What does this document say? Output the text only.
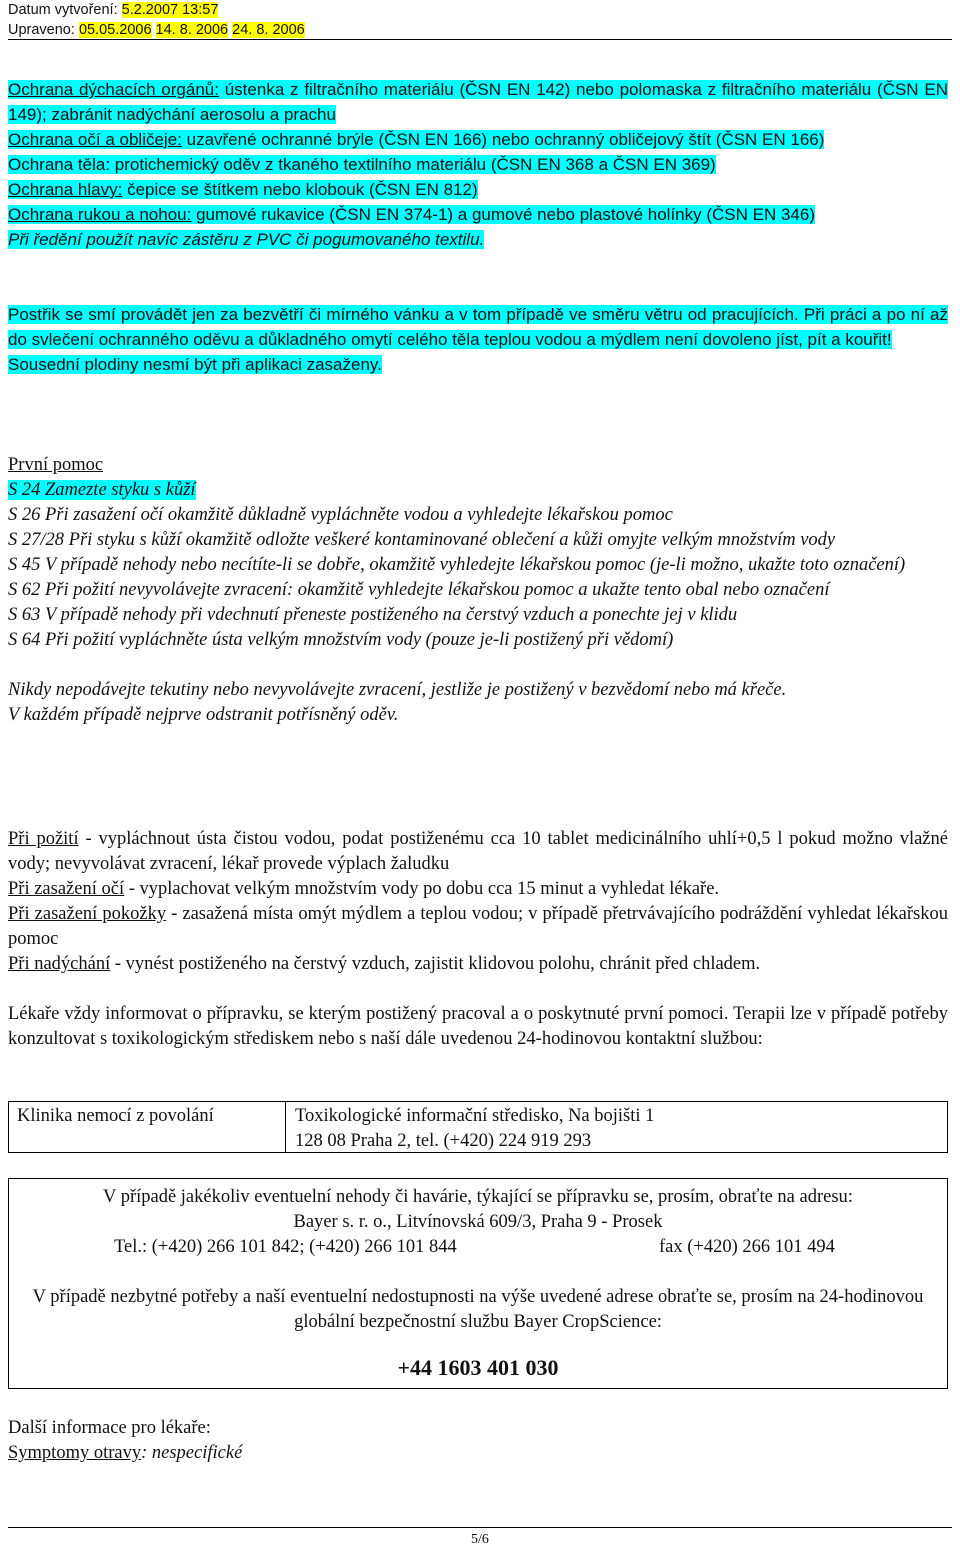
Datum vytvoření: 5.2.2007 13:57
Upraveno: 05.05.2006 14. 8. 2006 24. 8. 2006
Ochrana dýchacích orgánů: ústenka z filtračního materiálu (ČSN EN 142) nebo polomaska z filtračního materiálu (ČSN EN 149); zabránit nadýchání aerosolu a prachu
Ochrana očí a obličeje: uzavřené ochranné brýle (ČSN EN 166) nebo ochranný obličejový štít (ČSN EN 166)
Ochrana těla: protichemický oděv z tkaného textilního materiálu (ČSN EN 368 a ČSN EN 369)
Ochrana hlavy: čepice se štítkem nebo klobouk (ČSN EN 812)
Ochrana rukou a nohou: gumové rukavice (ČSN EN 374-1) a gumové nebo plastové holínky (ČSN EN 346)
Při ředění použít navíc zástěru z PVC či pogumovaného textilu.
Postřik se smí provádět jen za bezvětří či mírného vánku a v tom případě ve směru větru od pracujících. Při práci a po ní až do svlečení ochranného oděvu a důkladného omytí celého těla teplou vodou a mýdlem není dovoleno jíst, pít a kouřit!
Sousední plodiny nesmí být při aplikaci zasaženy.
První pomoc
S 24 Zamezte styku s kůží
S 26 Při zasažení očí okamžitě důkladně vypláchněte vodou a vyhledejte lékařskou pomoc
S 27/28 Při styku s kůží okamžitě odložte veškeré kontaminované oblečení a kůži omyjte velkým množstvím vody
S 45 V případě nehody nebo necítíte-li se dobře, okamžitě vyhledejte lékařskou pomoc (je-li možno, ukažte toto označení)
S 62 Při požití nevyvolávejte zvracení: okamžitě vyhledejte lékařskou pomoc a ukažte tento obal nebo označení
S 63 V případě nehody při vdechnutí přeneste postiženého na čerstvý vzduch a ponechte jej v klidu
S 64 Při požití vypláchněte ústa velkým množstvím vody (pouze je-li postižený při vědomí)
Nikdy nepodávejte tekutiny nebo nevyvolávejte zvracení, jestliže je postižený v bezvědomí nebo má křeče.
V každém případě nejprve odstranit potřísněný oděv.
Při požití - vypláchnout ústa čistou vodou, podat postiženému cca 10 tablet medicinálního uhlí+0,5 l pokud možno vlažné vody; nevyvolávat zvracení, lékař provede výplach žaludku
Při zasažení očí - vyplachovat velkým množstvím vody po dobu cca 15 minut a vyhledat lékaře.
Při zasažení pokožky - zasažená místa omýt mýdlem a teplou vodou; v případě přetrvávajícího podráždění vyhledat lékařskou pomoc
Při nadýchání - vynést postiženého na čerstvý vzduch, zajistit klidovou polohu, chránit před chladem.
Lékaře vždy informovat o přípravku, se kterým postižený pracoval a o poskytnuté první pomoci. Terapii lze v případě potřeby konzultovat s toxikologickým střediskem nebo s naší dále uvedenou 24-hodinovou kontaktní službou:
Klinika nemocí z povolání	Toxikologické informační středisko, Na bojišti 1
128 08 Praha 2, tel. (+420) 224 919 293
V případě jakékoliv eventuelní nehody či havárie, týkající se přípravku se, prosím, obraťte na adresu:
Bayer s. r. o., Litvínovská 609/3, Praha 9 - Prosek
Tel.: (+420) 266 101 842; (+420) 266 101 844	fax (+420) 266 101 494
V případě nezbytné potřeby a naší eventuelní nedostupnosti na výše uvedené adrese obraťte se, prosím na 24-hodinovou globální bezpečnostní službu Bayer CropScience:
+44 1603 401 030
Další informace pro lékaře:
Symptomy otravy: nespecifické
5/6
